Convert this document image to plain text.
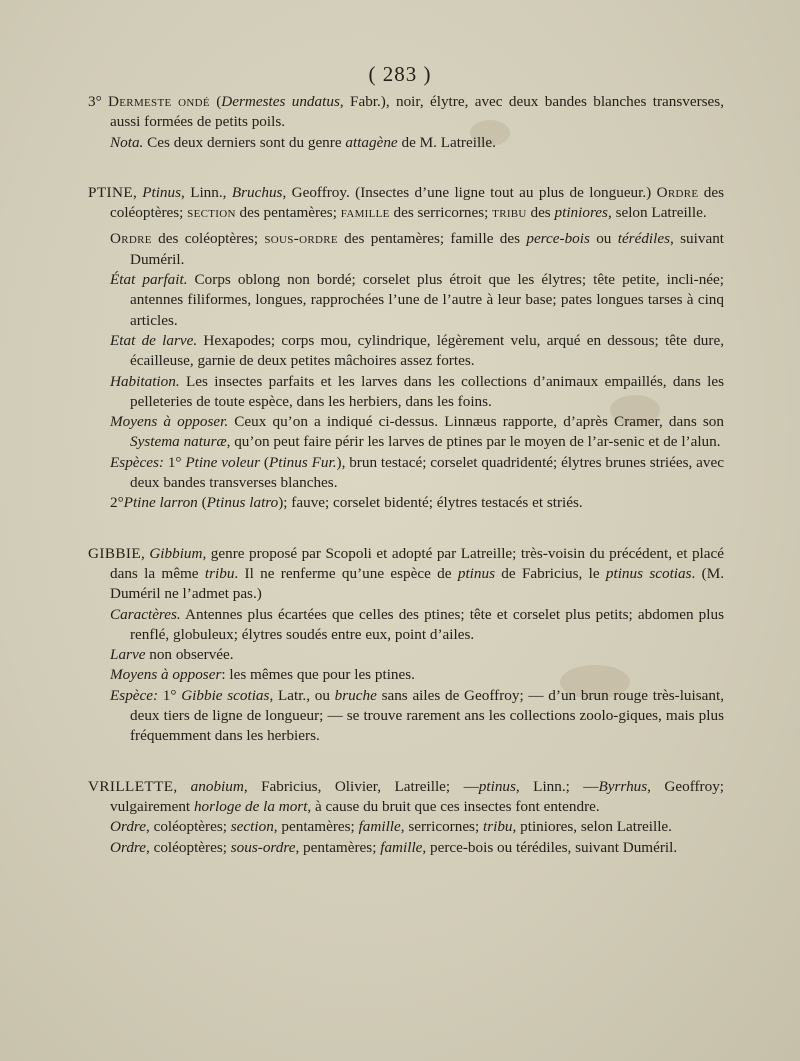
( 283 )

3° Dermeste ondé (Dermestes undatus, Fabr.), noir, élytre, avec deux bandes blanches transverses, aussi formées de petits poils.

Nota. Ces deux derniers sont du genre attagène de M. Latreille.

PTINE, Ptinus, Linn., Bruchus, Geoffroy. (Insectes d’une ligne tout au plus de longueur.) Ordre des coléoptères; section des pentamères; famille des serricornes; tribu des ptiniores, selon Latreille.

Ordre des coléoptères; sous-ordre des pentamères; famille des perce-bois ou térédiles, suivant Duméril.

État parfait. Corps oblong non bordé; corselet plus étroit que les élytres; tête petite, incli-née; antennes filiformes, longues, rapprochées l’une de l’autre à leur base; pates longues tarses à cinq articles.

Etat de larve. Hexapodes; corps mou, cylindrique, légèrement velu, arqué en dessous; tête dure, écailleuse, garnie de deux petites mâchoires assez fortes.

Habitation. Les insectes parfaits et les larves dans les collections d’animaux empaillés, dans les pelleteries de toute espèce, dans les herbiers, dans les foins.

Moyens à opposer. Ceux qu’on a indiqué ci-dessus. Linnæus rapporte, d’après Cramer, dans son Systema naturæ, qu’on peut faire périr les larves de ptines par le moyen de l’ar-senic et de l’alun.

Espèces: 1° Ptine voleur (Ptinus Fur.), brun testacé; corselet quadridenté; élytres brunes striées, avec deux bandes transverses blanches.

2°Ptine larron (Ptinus latro); fauve; corselet bidenté; élytres testacés et striés.

GIBBIE, Gibbium, genre proposé par Scopoli et adopté par Latreille; très-voisin du précédent, et placé dans la même tribu. Il ne renferme qu’une espèce de ptinus de Fabricius, le ptinus scotias. (M. Duméril ne l’admet pas.)

Caractères. Antennes plus écartées que celles des ptines; tête et corselet plus petits; abdomen plus renflé, globuleux; élytres soudés entre eux, point d’ailes.

Larve non observée.

Moyens à opposer: les mêmes que pour les ptines.

Espèce: 1° Gibbie scotias, Latr., ou bruche sans ailes de Geoffroy; — d’un brun rouge très-luisant, deux tiers de ligne de longueur; — se trouve rarement ans les collections zoolo-giques, mais plus fréquemment dans les herbiers.

VRILLETTE, anobium, Fabricius, Olivier, Latreille; —ptinus, Linn.; —Byrrhus, Geoffroy; vulgairement horloge de la mort, à cause du bruit que ces insectes font entendre.

Ordre, coléoptères; section, pentamères; famille, serricornes; tribu, ptiniores, selon Latreille.

Ordre, coléoptères; sous-ordre, pentamères; famille, perce-bois ou térédiles, suivant Duméril.
